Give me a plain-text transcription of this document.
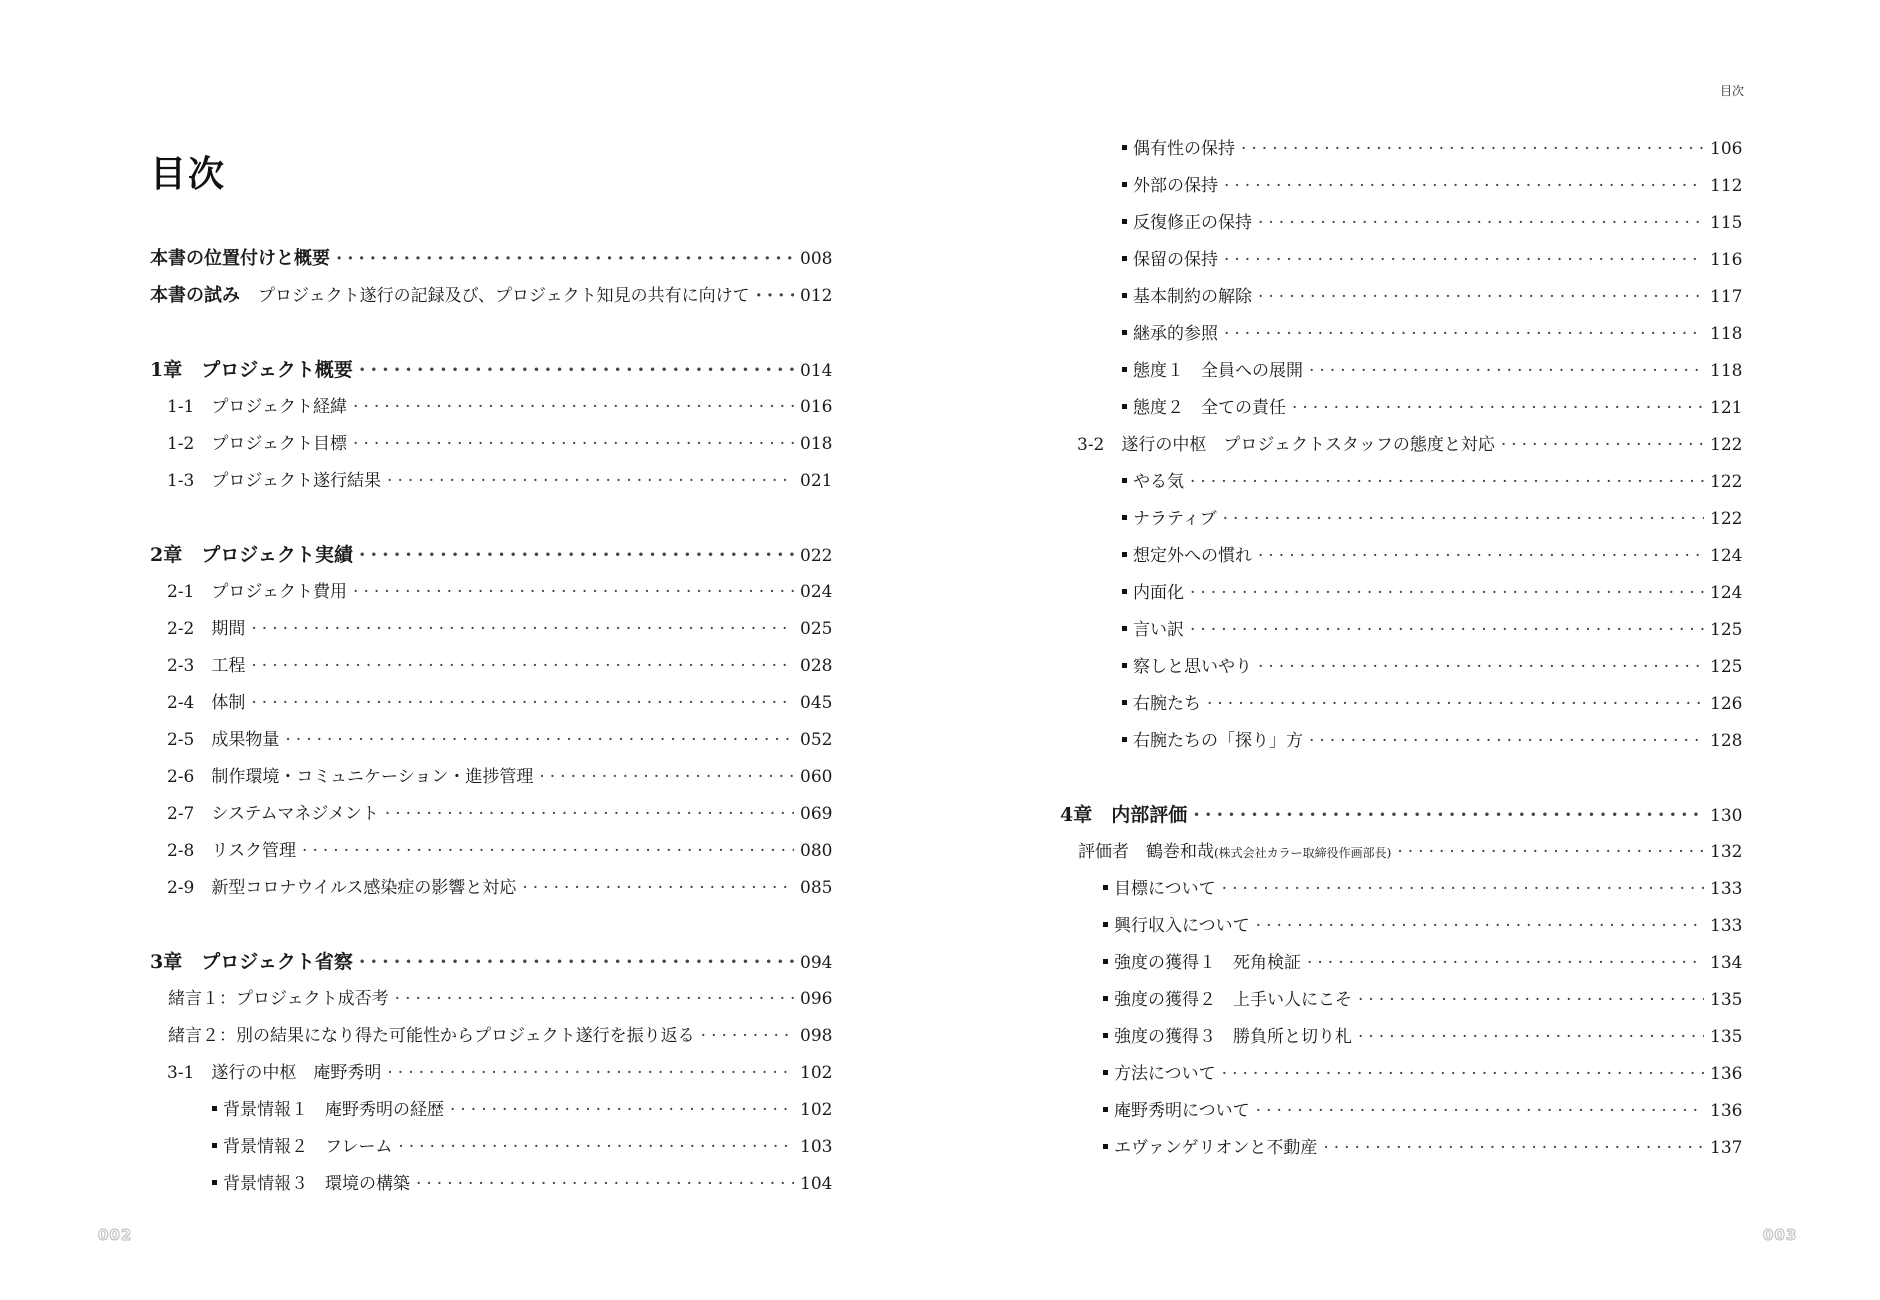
目次
本書の位置付けと概要 ·····	008
本書の試み プロジェクト遂行の記録及び、プロジェクト知見の共有に向けて ·····	012
1章　プロジェクト概要 ·····	014
1-1　プロジェクト経緯 ·····	016
1-2　プロジェクト目標 ·····	018
1-3　プロジェクト遂行結果 ·····	021
2章　プロジェクト実績 ·····	022
2-1　プロジェクト費用 ·····	024
2-2　期間 ·····	025
2-3　工程 ·····	028
2-4　体制 ·····	045
2-5　成果物量 ·····	052
2-6　制作環境・コミュニケーション・進捗管理 ·····	060
2-7　システムマネジメント ·····	069
2-8　リスク管理 ·····	080
2-9　新型コロナウイルス感染症の影響と対応 ·····	085
3章　プロジェクト省察 ·····	094
緒言１：プロジェクト成否考 ·····	096
緒言２：別の結果になり得た可能性からプロジェクト遂行を振り返る ·····	098
3-1　遂行の中枢　庵野秀明 ·····	102
背景情報１　庵野秀明の経歴 ·····	102
背景情報２　フレーム ·····	103
背景情報３　環境の構築 ·····	104
002
目次
偶有性の保持 ·····	106
外部の保持 ·····	112
反復修正の保持 ·····	115
保留の保持 ·····	116
基本制約の解除 ·····	117
継承的参照 ·····	118
態度１　全員への展開 ·····	118
態度２　全ての責任 ·····	121
3-2　遂行の中枢　プロジェクトスタッフの態度と対応 ·····	122
やる気 ·····	122
ナラティブ ·····	122
想定外への慣れ ·····	124
内面化 ·····	124
言い訳 ·····	125
察しと思いやり ·····	125
右腕たち ·····	126
右腕たちの「探り」方 ·····	128
4章　内部評価 ·····	130
評価者　鶴巻和哉(株式会社カラー取締役作画部長) ·····	132
目標について ·····	133
興行収入について ·····	133
強度の獲得１　死角検証 ·····	134
強度の獲得２　上手い人にこそ ·····	135
強度の獲得３　勝負所と切り札 ·····	135
方法について ·····	136
庵野秀明について ·····	136
エヴァンゲリオンと不動産 ·····	137
003
